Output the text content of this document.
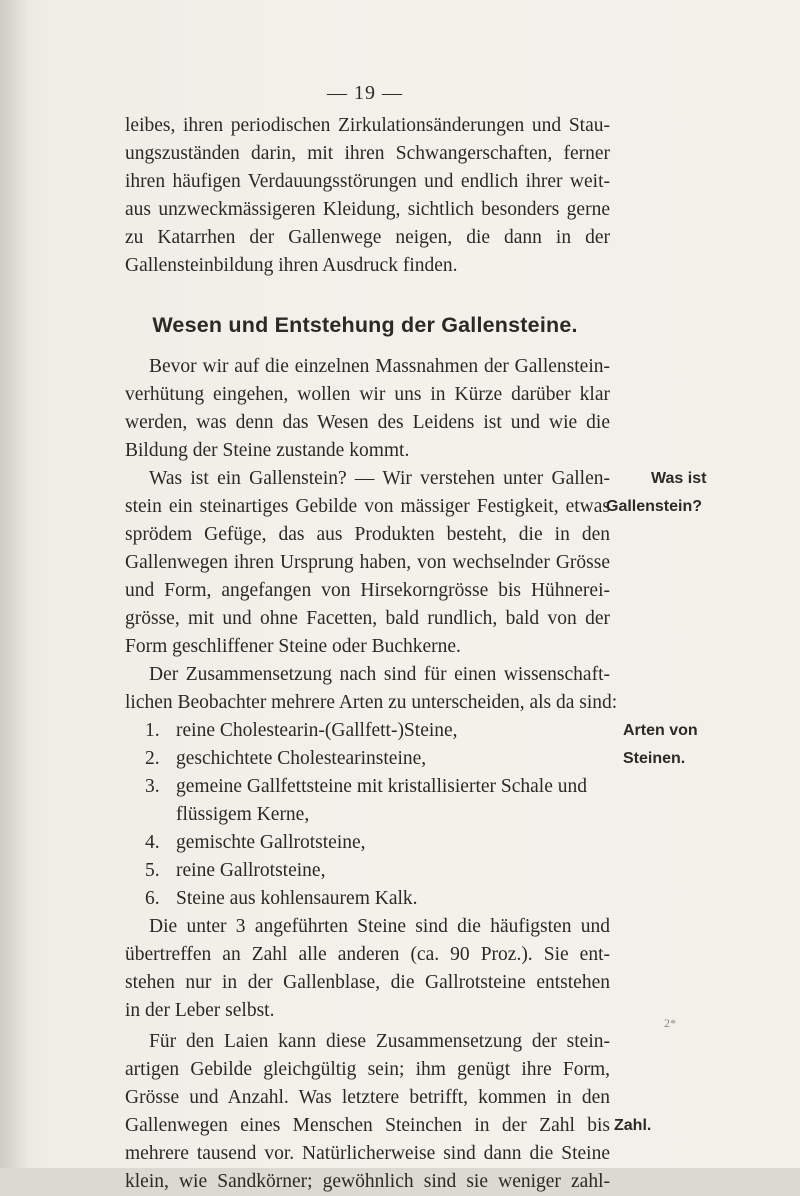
— 19 —
leibes, ihren periodischen Zirkulationsänderungen und Stau-
ungszuständen darin, mit ihren Schwangerschaften, ferner
ihren häufigen Verdauungsstörungen und endlich ihrer weit-
aus unzweckmässigeren Kleidung, sichtlich besonders gerne
zu Katarrhen der Gallenwege neigen, die dann in der
Gallensteinbildung ihren Ausdruck finden.
Wesen und Entstehung der Gallensteine.
Bevor wir auf die einzelnen Massnahmen der Gallenstein-
verhütung eingehen, wollen wir uns in Kürze darüber klar
werden, was denn das Wesen des Leidens ist und wie die
Bildung der Steine zustande kommt.
Was ist ein Gallenstein? — Wir verstehen unter Gallen-
stein ein steinartiges Gebilde von mässiger Festigkeit, etwas
sprödem Gefüge, das aus Produkten besteht, die in den
Gallenwegen ihren Ursprung haben, von wechselnder Grösse
und Form, angefangen von Hirsekorngrösse bis Hühnerei-
grösse, mit und ohne Facetten, bald rundlich, bald von der
Form geschliffener Steine oder Buchkerne.
Der Zusammensetzung nach sind für einen wissenschaft-
lichen Beobachter mehrere Arten zu unterscheiden, als da sind:
1. reine Cholestearin-(Gallfett-)Steine,
2. geschichtete Cholestearinsteine,
3. gemeine Gallfettsteine mit kristallisierter Schale und
flüssigem Kerne,
4. gemischte Gallrotsteine,
5. reine Gallrotsteine,
6. Steine aus kohlensaurem Kalk.
Die unter 3 angeführten Steine sind die häufigsten und
übertreffen an Zahl alle anderen (ca. 90 Proz.). Sie ent-
stehen nur in der Gallenblase, die Gallrotsteine entstehen
in der Leber selbst.
Für den Laien kann diese Zusammensetzung der stein-
artigen Gebilde gleichgültig sein; ihm genügt ihre Form,
Grösse und Anzahl. Was letztere betrifft, kommen in den
Gallenwegen eines Menschen Steinchen in der Zahl bis
mehrere tausend vor. Natürlicherweise sind dann die Steine
klein, wie Sandkörner; gewöhnlich sind sie weniger zahl-
Was ist
Gallenstein?
Arten von
Steinen.
Zahl.
2*
